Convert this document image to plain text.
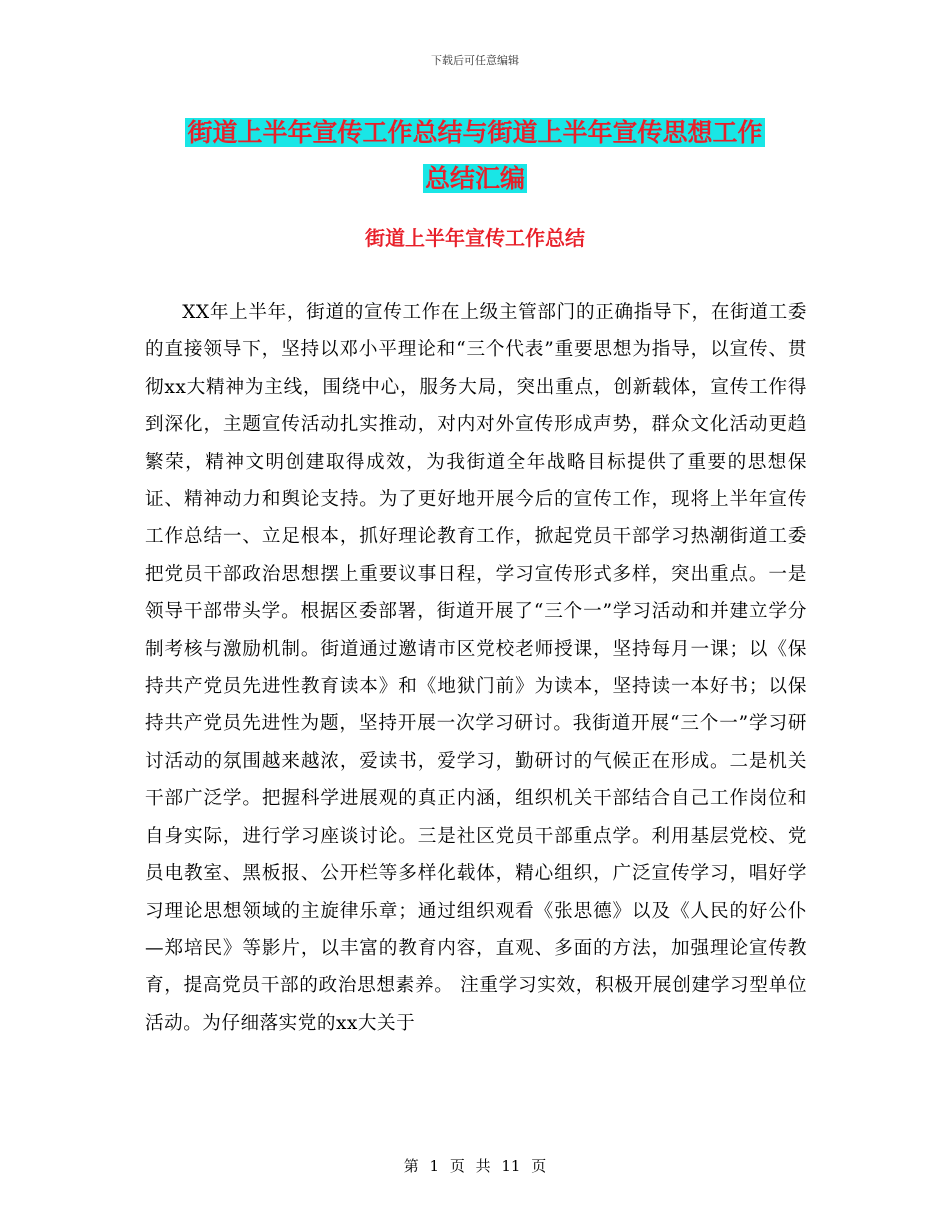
下载后可任意编辑
街道上半年宣传工作总结与街道上半年宣传思想工作
总结汇编
街道上半年宣传工作总结

XX年上半年，街道的宣传工作在上级主管部门的正确指导下，在街道工委的直接领导下，坚持以邓小平理论和“三个代表”重要思想为指导，以宣传、贯彻xx大精神为主线，围绕中心，服务大局，突出重点，创新载体，宣传工作得到深化，主题宣传活动扎实推动，对内对外宣传形成声势，群众文化活动更趋繁荣，精神文明创建取得成效，为我街道全年战略目标提供了重要的思想保证、精神动力和舆论支持。为了更好地开展今后的宣传工作，现将上半年宣传工作总结一、立足根本，抓好理论教育工作，掀起党员干部学习热潮街道工委把党员干部政治思想摆上重要议事日程，学习宣传形式多样，突出重点。一是领导干部带头学。根据区委部署，街道开展了“三个一”学习活动和并建立学分制考核与激励机制。街道通过邀请市区党校老师授课，坚持每月一课；以《保持共产党员先进性教育读本》和《地狱门前》为读本，坚持读一本好书；以保持共产党员先进性为题，坚持开展一次学习研讨。我街道开展“三个一”学习研讨活动的氛围越来越浓，爱读书，爱学习，勤研讨的气候正在形成。二是机关干部广泛学。把握科学进展观的真正内涵，组织机关干部结合自己工作岗位和自身实际，进行学习座谈讨论。三是社区党员干部重点学。利用基层党校、党员电教室、黑板报、公开栏等多样化载体，精心组织，广泛宣传学习，唱好学习理论思想领域的主旋律乐章；通过组织观看《张思德》以及《人民的好公仆—郑培民》等影片，以丰富的教育内容，直观、多面的方法，加强理论宣传教育，提高党员干部的政治思想素养。 注重学习实效，积极开展创建学习型单位活动。为仔细落实党的xx大关于

第 1 页 共 11 页
